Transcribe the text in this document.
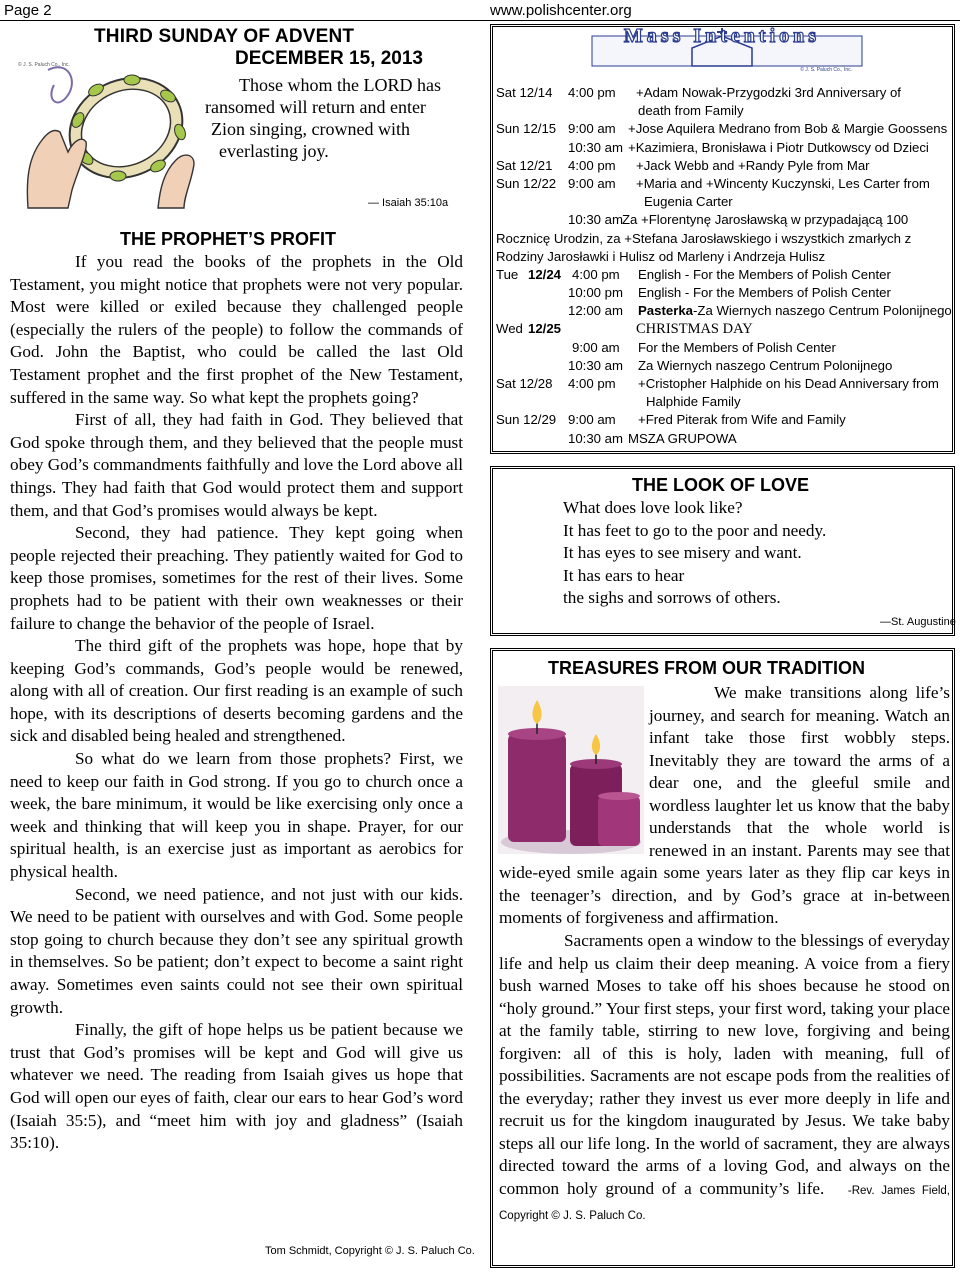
Page 2	www.polishcenter.org
© J. S. Paluch Co., Inc.
THIRD SUNDAY OF ADVENT
DECEMBER 15, 2013
Those whom the LORD has
ransomed will return and enter
Zion singing, crowned with
everlasting joy.
— Isaiah 35:10a
THE PROPHET’S PROFIT

If you read the books of the prophets in the Old Testament, you might notice that prophets were not very popular. Most were killed or exiled because they challenged people (especially the rulers of the people) to follow the commands of God. John the Baptist, who could be called the last Old Testament prophet and the first prophet of the New Testament, suffered in the same way. So what kept the prophets going?

First of all, they had faith in God. They believed that God spoke through them, and they believed that the people must obey God’s commandments faithfully and love the Lord above all things. They had faith that God would protect them and support them, and that God’s promises would always be kept.

Second, they had patience. They kept going when people rejected their preaching. They patiently waited for God to keep those promises, sometimes for the rest of their lives. Some prophets had to be patient with their own weaknesses or their failure to change the behavior of the people of Israel.

The third gift of the prophets was hope, hope that by keeping God’s commands, God’s people would be renewed, along with all of creation. Our first reading is an example of such hope, with its descriptions of deserts becoming gardens and the sick and disabled being healed and strengthened.

So what do we learn from those prophets? First, we need to keep our faith in God strong. If you go to church once a week, the bare minimum, it would be like exercising only once a week and thinking that will keep you in shape. Prayer, for our spiritual health, is an exercise just as important as aerobics for physical health.

Second, we need patience, and not just with our kids. We need to be patient with ourselves and with God. Some people stop going to church because they don’t see any spiritual growth in themselves. So be patient; don’t expect to become a saint right away. Sometimes even saints could not see their own spiritual growth.

Finally, the gift of hope helps us be patient because we trust that God’s promises will be kept and God will give us whatever we need. The reading from Isaiah gives us hope that God will open our eyes of faith, clear our ears to hear God’s word (Isaiah 35:5), and “meet him with joy and gladness” (Isaiah 35:10).

Tom Schmidt, Copyright © J. S. Paluch Co.
Mass Intentions
© J. S. Paluch Co., Inc.
Sat 12/14 4:00 pm +Adam Nowak-Przygodzki 3rd Anniversary of
death from Family
Sun 12/15 9:00 am +Jose Aquilera Medrano from Bob & Margie Goossens
10:30 am +Kazimiera, Bronisława i Piotr Dutkowscy od Dzieci
Sat 12/21 4:00 pm +Jack Webb and +Randy Pyle from Mar
Sun 12/22 9:00 am +Maria and +Wincenty Kuczynski, Les Carter from
Eugenia Carter
10:30 am Za +Florentynę Jarosławską w przypadającą 100
Rocznicę Urodzin, za +Stefana Jarosławskiego i wszystkich zmarłych z
Rodziny Jarosławki i Hulisz od Marleny i Andrzeja Hulisz
Tue 12/24 4:00 pm English - For the Members of Polish Center
10:00 pm English - For the Members of Polish Center
12:00 am Pasterka-Za Wiernych naszego Centrum Polonijnego
Wed 12/25	CHRISTMAS DAY
9:00 am For the Members of Polish Center
10:30 am Za Wiernych naszego Centrum Polonijnego
Sat 12/28 4:00 pm +Cristopher Halphide on his Dead Anniversary from
Halphide Family
Sun 12/29 9:00 am +Fred Piterak from Wife and Family
10:30 am MSZA GRUPOWA
THE LOOK OF LOVE
What does love look like?
It has feet to go to the poor and needy.
It has eyes to see misery and want.
It has ears to hear
the sighs and sorrows of others.
—St. Augustine
TREASURES FROM OUR TRADITION

We make transitions along life’s journey, and search for meaning. Watch an infant take those first wobbly steps. Inevitably they are toward the arms of a dear one, and the gleeful smile and wordless laughter let us know that the baby understands that the whole world is renewed in an instant. Parents may see that wide-eyed smile again some years later as they flip car keys in the teenager’s direction, and by God’s grace at in-between moments of forgiveness and affirmation.

Sacraments open a window to the blessings of everyday life and help us claim their deep meaning. A voice from a fiery bush warned Moses to take off his shoes because he stood on “holy ground.” Your first steps, your first word, taking your place at the family table, stirring to new love, forgiving and being forgiven: all of this is holy, laden with meaning, full of possibilities. Sacraments are not escape pods from the realities of the everyday; rather they invest us ever more deeply in life and recruit us for the kingdom inaugurated by Jesus. We take baby steps all our life long. In the world of sacrament, they are always directed toward the arms of a loving God, and always on the common holy ground of a community’s life. -Rev. James Field, Copyright © J. S. Paluch Co.
